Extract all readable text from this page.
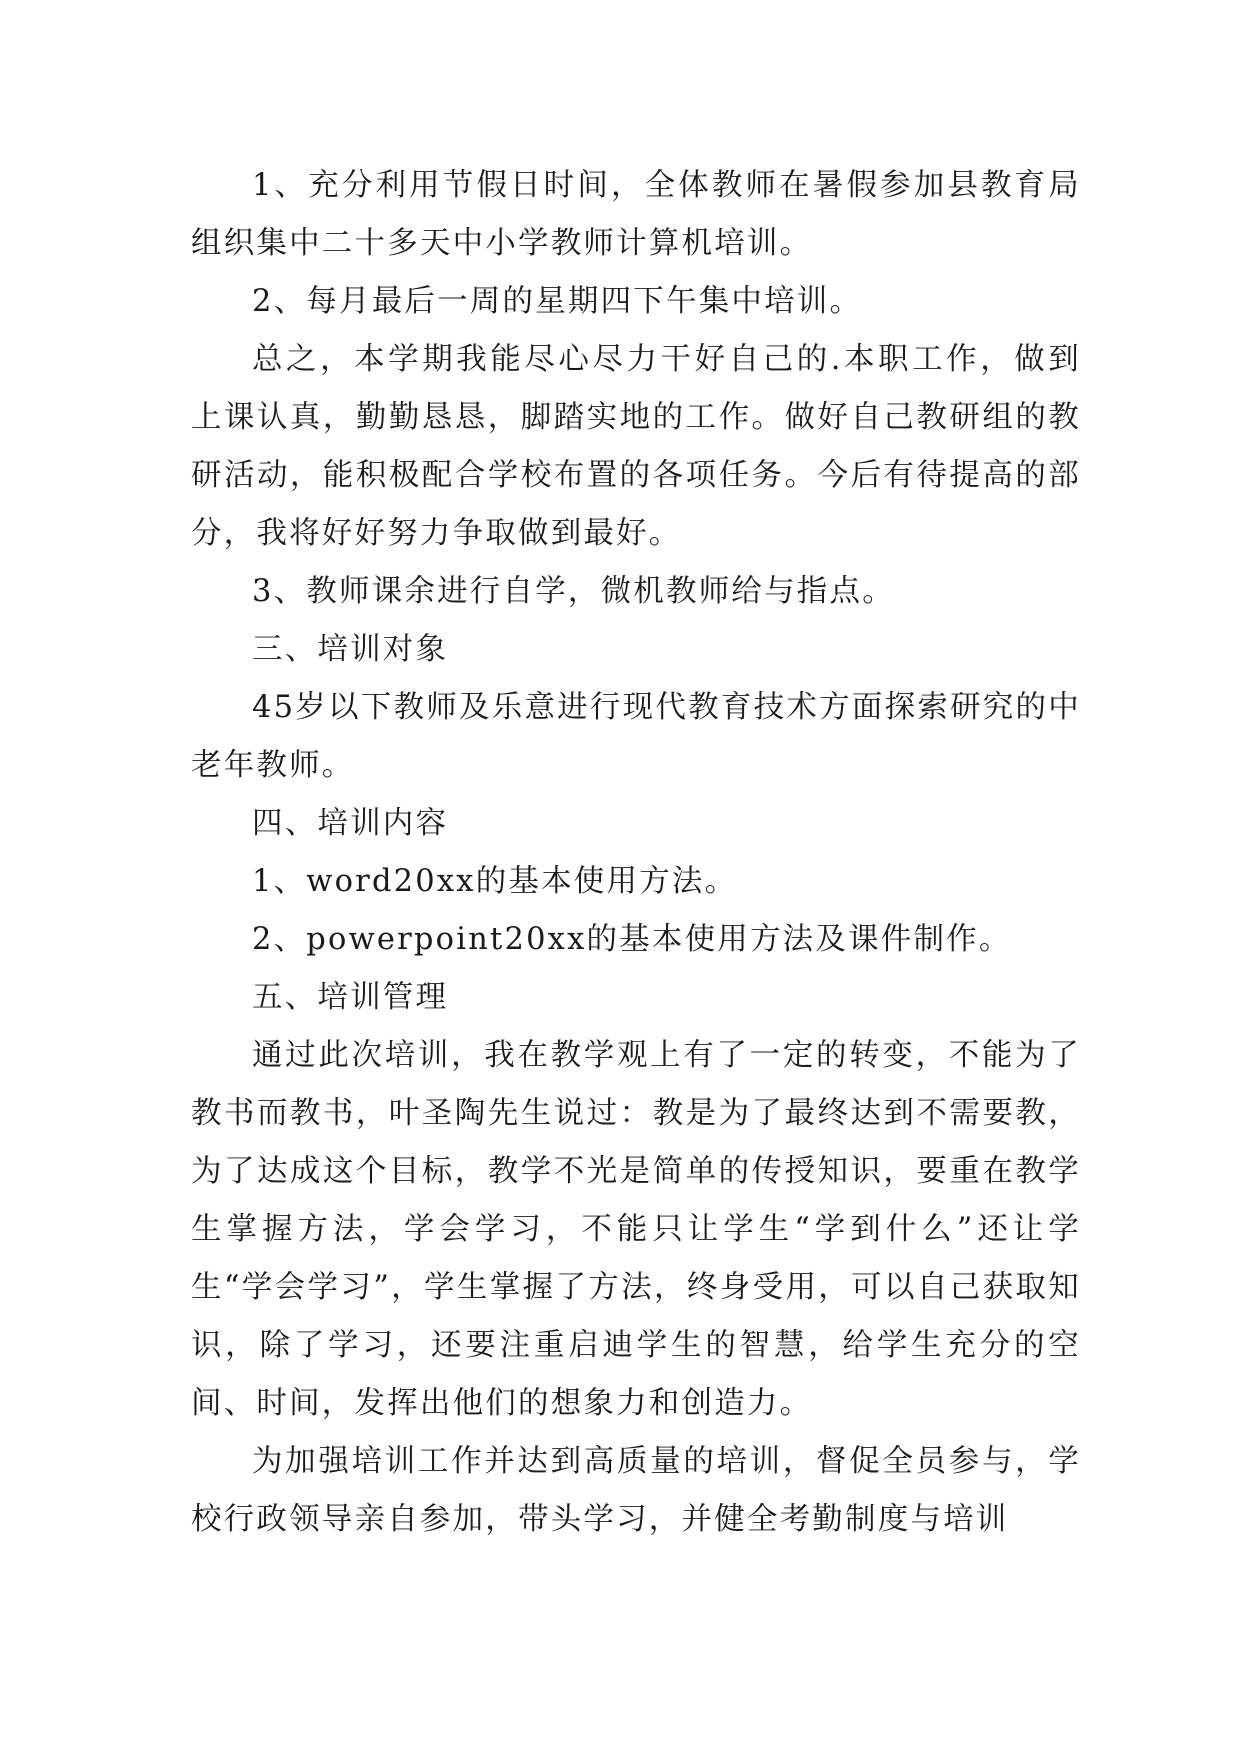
1、充分利用节假日时间，全体教师在暑假参加县教育局组织集中二十多天中小学教师计算机培训。

2、每月最后一周的星期四下午集中培训。

总之，本学期我能尽心尽力干好自己的.本职工作，做到上课认真，勤勤恳恳，脚踏实地的工作。做好自己教研组的教研活动，能积极配合学校布置的各项任务。今后有待提高的部分，我将好好努力争取做到最好。

3、教师课余进行自学，微机教师给与指点。

三、培训对象

45岁以下教师及乐意进行现代教育技术方面探索研究的中老年教师。

四、培训内容

1、word20xx的基本使用方法。

2、powerpoint20xx的基本使用方法及课件制作。

五、培训管理

通过此次培训，我在教学观上有了一定的转变，不能为了教书而教书，叶圣陶先生说过：教是为了最终达到不需要教，为了达成这个目标，教学不光是简单的传授知识，要重在教学生掌握方法，学会学习，不能只让学生“学到什么”还让学生“学会学习”，学生掌握了方法，终身受用，可以自己获取知识，除了学习，还要注重启迪学生的智慧，给学生充分的空间、时间，发挥出他们的想象力和创造力。

为加强培训工作并达到高质量的培训，督促全员参与，学校行政领导亲自参加，带头学习，并健全考勤制度与培训
